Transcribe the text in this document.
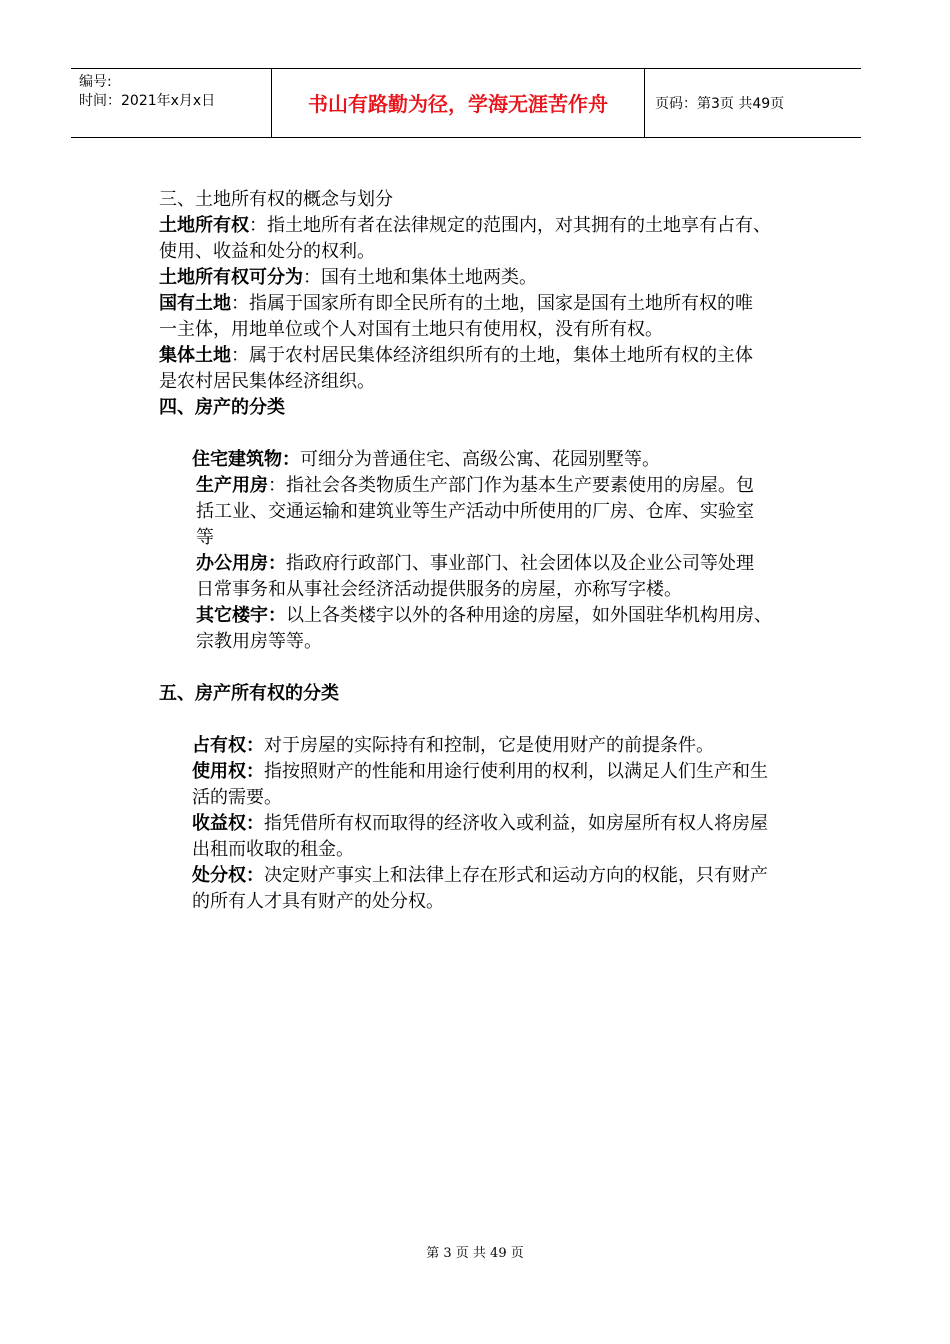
编号:
时间：2021年x月x日	书山有路勤为径，学海无涯苦作舟	页码：第3页 共49页
三、土地所有权的概念与划分
土地所有权：指土地所有者在法律规定的范围内，对其拥有的土地享有占有、
使用、收益和处分的权利。
土地所有权可分为：国有土地和集体土地两类。
国有土地：指属于国家所有即全民所有的土地，国家是国有土地所有权的唯
一主体，用地单位或个人对国有土地只有使用权，没有所有权。
集体土地：属于农村居民集体经济组织所有的土地，集体土地所有权的主体
是农村居民集体经济组织。
四、房产的分类
住宅建筑物：可细分为普通住宅、高级公寓、花园别墅等。
生产用房：指社会各类物质生产部门作为基本生产要素使用的房屋。包
括工业、交通运输和建筑业等生产活动中所使用的厂房、仓库、实验室
等
办公用房：指政府行政部门、事业部门、社会团体以及企业公司等处理
日常事务和从事社会经济活动提供服务的房屋，亦称写字楼。
其它楼宇：以上各类楼宇以外的各种用途的房屋，如外国驻华机构用房、
宗教用房等等。
五、房产所有权的分类
占有权：对于房屋的实际持有和控制，它是使用财产的前提条件。
使用权：指按照财产的性能和用途行使利用的权利，以满足人们生产和生
活的需要。
收益权：指凭借所有权而取得的经济收入或利益，如房屋所有权人将房屋
出租而收取的租金。
处分权：决定财产事实上和法律上存在形式和运动方向的权能，只有财产
的所有人才具有财产的处分权。
第 3 页 共 49 页
